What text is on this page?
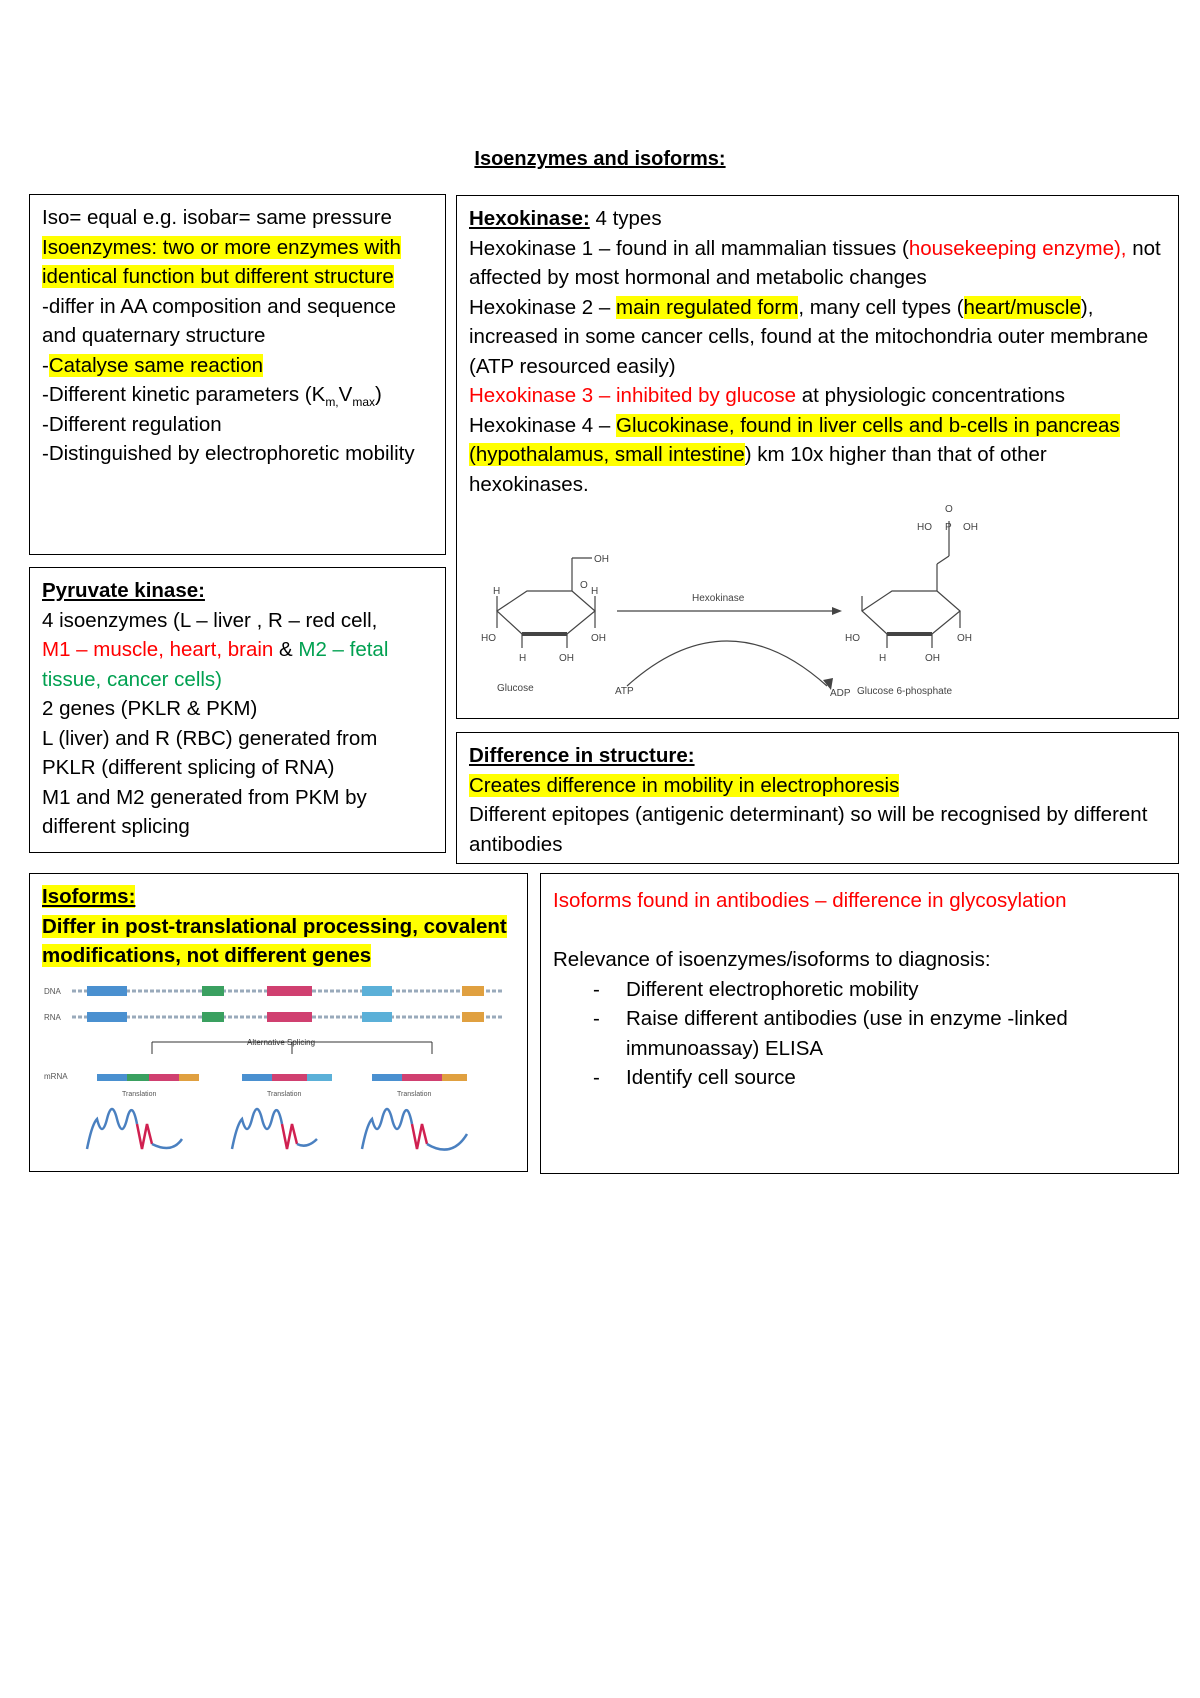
Isoenzymes and isoforms:

Iso= equal e.g. isobar= same pressure

Isoenzymes: two or more enzymes with identical function but different structure

-differ in AA composition and sequence and quaternary structure

-Catalyse same reaction

-Different kinetic parameters $(K_{m,}V_{max})$

-Different regulation

-Distinguished by electrophoretic mobility

Hexokinase: 4 types

Hexokinase 1 – found in all mammalian tissues (housekeeping enzyme), not affected by most hormonal and metabolic changes

Hexokinase 2 – main regulated form, many cell types (heart/muscle), increased in some cancer cells, found at the mitochondria outer membrane (ATP resourced easily)

Hexokinase 3 – inhibited by glucose at physiologic concentrations

Hexokinase 4 – Glucokinase, found in liver cells and b-cells in pancreas (hypothalamus, small intestine) km 10x higher than that of other hexokinases.

OH
O
H
HO
H	OH
H
OH
Glucose
Hexokinase
ATP	ADP
O
HO P OH
HO
H	OH
OH
Glucose 6-phosphate

Pyruvate kinase:

4 isoenzymes (L – liver , R – red cell,

M1 – muscle, heart, brain & M2 – fetal tissue, cancer cells)

2 genes (PKLR & PKM)

L (liver) and R (RBC) generated from PKLR (different splicing of RNA)

M1 and M2 generated from PKM by different splicing

Difference in structure:

Creates difference in mobility in electrophoresis

Different epitopes (antigenic determinant) so will be recognised by different antibodies

Isoforms:

Differ in post-translational processing, covalent modifications, not different genes

DNA
RNA
mRNA
Alternative Splicing
Translation	Translation	Translation

Isoforms found in antibodies – difference in glycosylation

Relevance of isoenzymes/isoforms to diagnosis:

- Different electrophoretic mobility
- Raise different antibodies (use in enzyme -linked immunoassay) ELISA
- Identify cell source
